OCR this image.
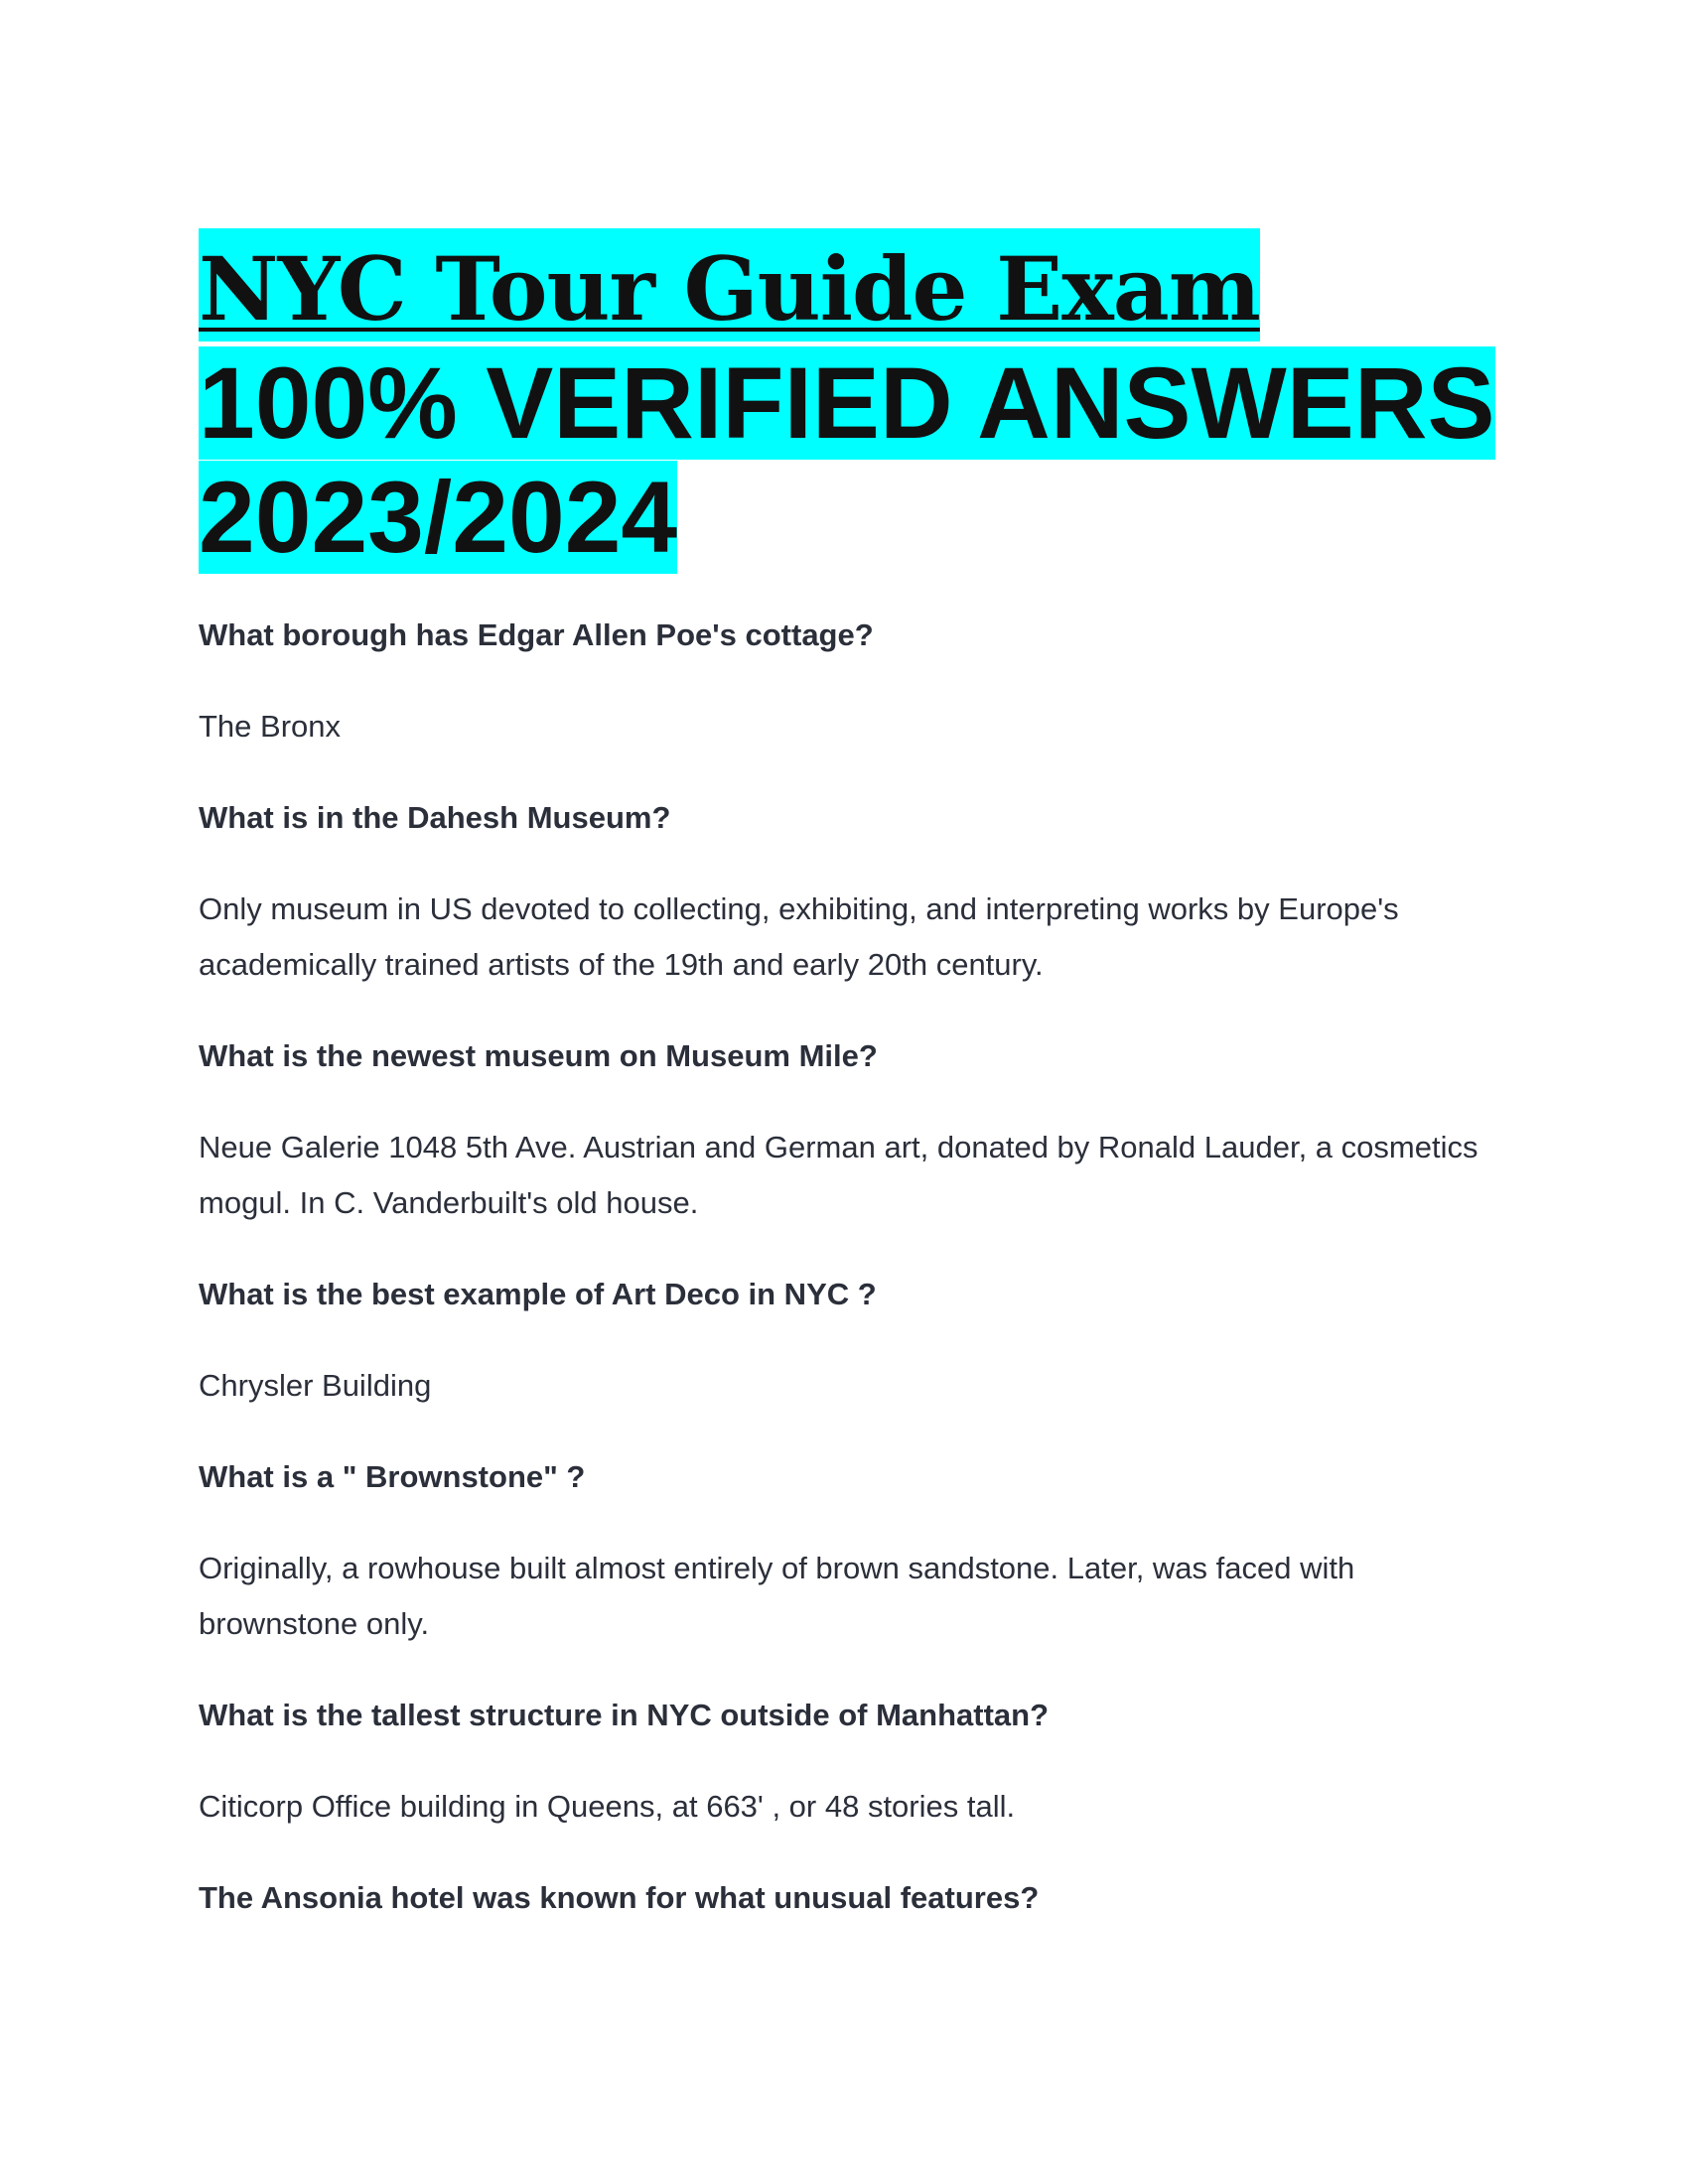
NYC Tour Guide Exam 100% VERIFIED ANSWERS 2023/2024

What borough has Edgar Allen Poe's cottage?

The Bronx

What is in the Dahesh Museum?

Only museum in US devoted to collecting, exhibiting, and interpreting works by Europe's academically trained artists of the 19th and early 20th century.

What is the newest museum on Museum Mile?

Neue Galerie 1048 5th Ave. Austrian and German art, donated by Ronald Lauder, a cosmetics mogul. In C. Vanderbuilt's old house.

What is the best example of Art Deco in NYC ?

Chrysler Building

What is a " Brownstone" ?

Originally, a rowhouse built almost entirely of brown sandstone. Later, was faced with brownstone only.

What is the tallest structure in NYC outside of Manhattan?

Citicorp Office building in Queens, at 663' , or 48 stories tall.

The Ansonia hotel was known for what unusual features?
